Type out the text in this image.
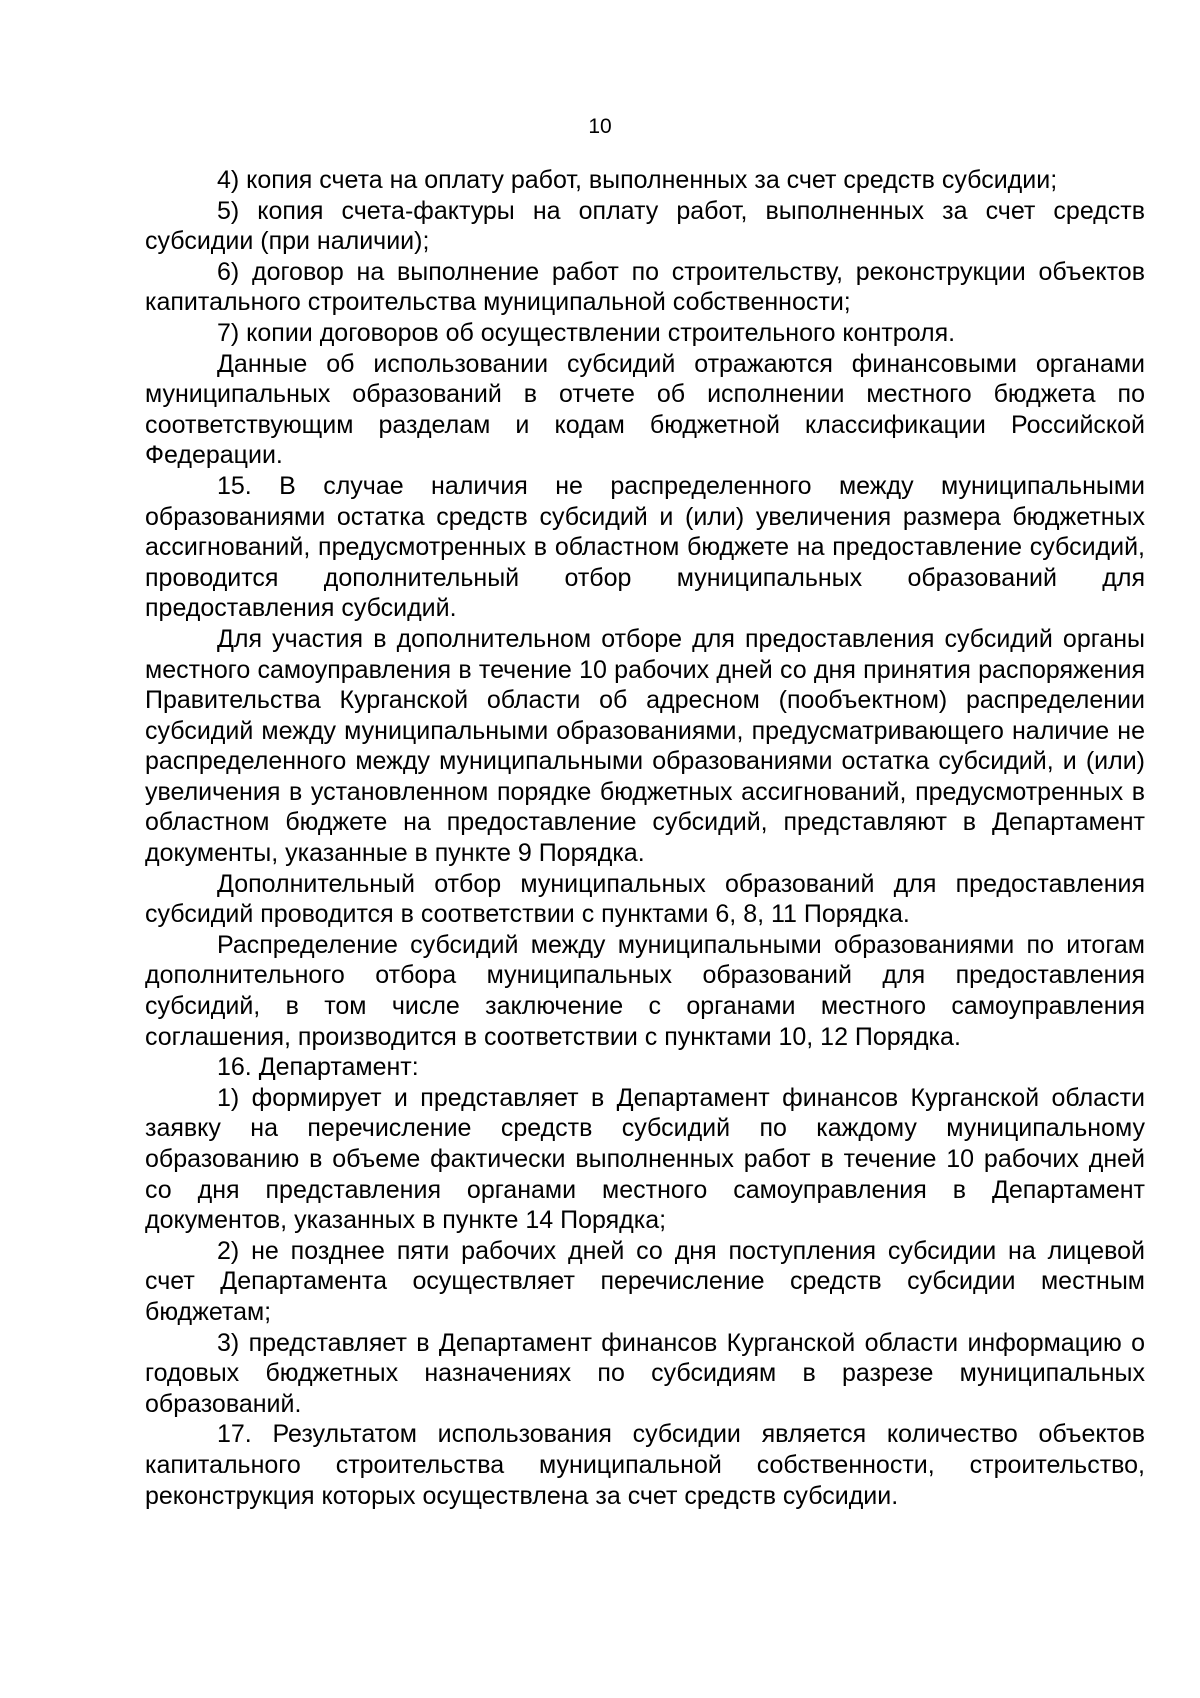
10

4) копия счета на оплату работ, выполненных за счет средств субсидии;

5) копия счета-фактуры на оплату работ, выполненных за счет средств субсидии (при наличии);

6) договор на выполнение работ по строительству, реконструкции объектов капитального строительства муниципальной собственности;

7) копии договоров об осуществлении строительного контроля.

Данные об использовании субсидий отражаются финансовыми органами муниципальных образований в отчете об исполнении местного бюджета по соответствующим разделам и кодам бюджетной классификации Российской Федерации.

15. В случае наличия не распределенного между муниципальными образованиями остатка средств субсидий и (или) увеличения размера бюджетных ассигнований, предусмотренных в областном бюджете на предоставление субсидий, проводится дополнительный отбор муниципальных образований для предоставления субсидий.

Для участия в дополнительном отборе для предоставления субсидий органы местного самоуправления в течение 10 рабочих дней со дня принятия распоряжения Правительства Курганской области об адресном (пообъектном) распределении субсидий между муниципальными образованиями, предусматривающего наличие не распределенного между муниципальными образованиями остатка субсидий, и (или) увеличения в установленном порядке бюджетных ассигнований, предусмотренных в областном бюджете на предоставление субсидий, представляют в Департамент документы, указанные в пункте 9 Порядка.

Дополнительный отбор муниципальных образований для предоставления субсидий проводится в соответствии с пунктами 6, 8, 11 Порядка.

Распределение субсидий между муниципальными образованиями по итогам дополнительного отбора муниципальных образований для предоставления субсидий, в том числе заключение с органами местного самоуправления соглашения, производится в соответствии с пунктами 10, 12 Порядка.

16. Департамент:

1) формирует и представляет в Департамент финансов Курганской области заявку на перечисление средств субсидий по каждому муниципальному образованию в объеме фактически выполненных работ в течение 10 рабочих дней со дня представления органами местного самоуправления в Департамент документов, указанных в пункте 14 Порядка;

2) не позднее пяти рабочих дней со дня поступления субсидии на лицевой счет Департамента осуществляет перечисление средств субсидии местным бюджетам;

3) представляет в Департамент финансов Курганской области информацию о годовых бюджетных назначениях по субсидиям в разрезе муниципальных образований.

17. Результатом использования субсидии является количество объектов капитального строительства муниципальной собственности, строительство, реконструкция которых осуществлена за счет средств субсидии.
